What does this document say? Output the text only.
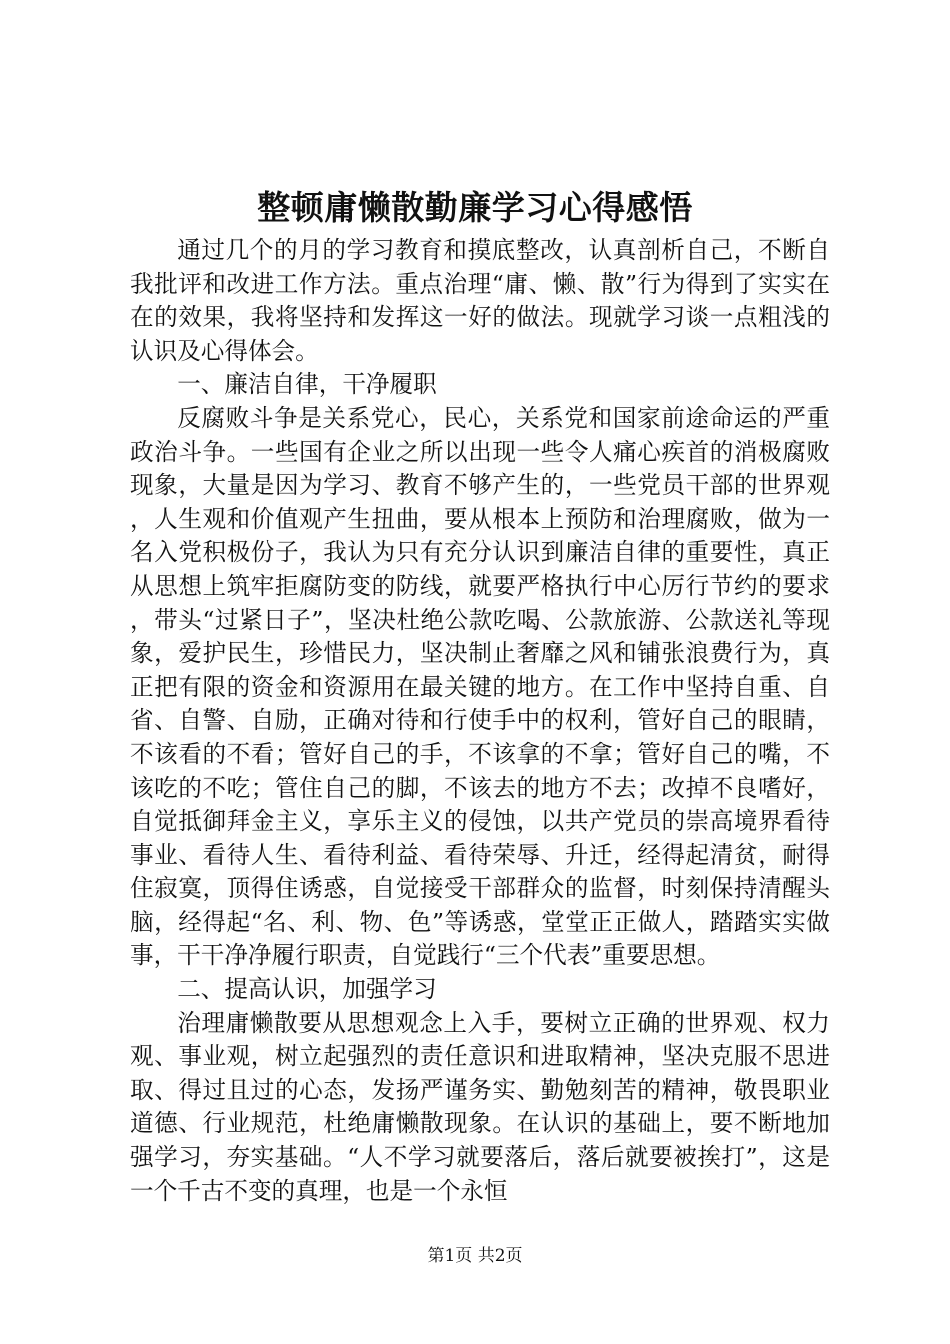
整顿庸懒散勤廉学习心得感悟

通过几个的月的学习教育和摸底整改，认真剖析自己，不断自我批评和改进工作方法。重点治理“庸、懒、散”行为得到了实实在在的效果，我将坚持和发挥这一好的做法。现就学习谈一点粗浅的认识及心得体会。

一、廉洁自律，干净履职

反腐败斗争是关系党心，民心，关系党和国家前途命运的严重政治斗争。一些国有企业之所以出现一些令人痛心疾首的消极腐败现象，大量是因为学习、教育不够产生的，一些党员干部的世界观，人生观和价值观产生扭曲，要从根本上预防和治理腐败，做为一名入党积极份子，我认为只有充分认识到廉洁自律的重要性，真正从思想上筑牢拒腐防变的防线，就要严格执行中心厉行节约的要求，带头“过紧日子”，坚决杜绝公款吃喝、公款旅游、公款送礼等现象，爱护民生，珍惜民力，坚决制止奢靡之风和铺张浪费行为，真正把有限的资金和资源用在最关键的地方。在工作中坚持自重、自省、自警、自励，正确对待和行使手中的权利，管好自己的眼睛，不该看的不看；管好自己的手，不该拿的不拿；管好自己的嘴，不该吃的不吃；管住自己的脚，不该去的地方不去；改掉不良嗜好，自觉抵御拜金主义，享乐主义的侵蚀，以共产党员的崇高境界看待事业、看待人生、看待利益、看待荣辱、升迁，经得起清贫，耐得住寂寞，顶得住诱惑，自觉接受干部群众的监督，时刻保持清醒头脑，经得起“名、利、物、色”等诱惑，堂堂正正做人，踏踏实实做事，干干净净履行职责，自觉践行“三个代表”重要思想。

二、提高认识，加强学习

治理庸懒散要从思想观念上入手，要树立正确的世界观、权力观、事业观，树立起强烈的责任意识和进取精神，坚决克服不思进取、得过且过的心态，发扬严谨务实、勤勉刻苦的精神，敬畏职业道德、行业规范，杜绝庸懒散现象。在认识的基础上，要不断地加强学习，夯实基础。“人不学习就要落后，落后就要被挨打”，这是一个千古不变的真理，也是一个永恒

第1页 共2页
